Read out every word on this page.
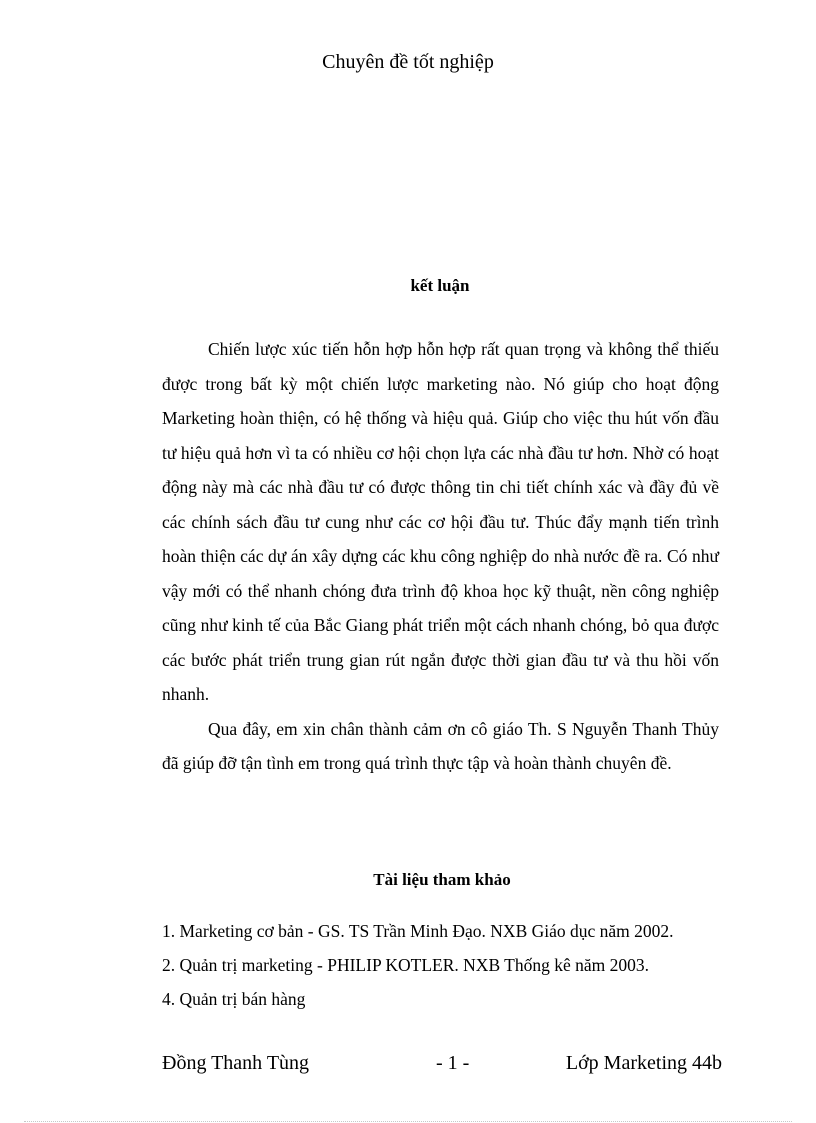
Chuyên đề tốt nghiệp
kết luận

Chiến lược xúc tiến hỗn hợp hỗn hợp rất quan trọng và không thể thiếu được trong bất kỳ một chiến lược marketing nào. Nó giúp cho hoạt động Marketing hoàn thiện, có hệ thống và hiệu quả. Giúp cho việc thu hút vốn đầu tư hiệu quả hơn vì ta có nhiều cơ hội chọn lựa các nhà đầu tư hơn. Nhờ có hoạt động này mà các nhà đầu tư có được thông tin chi tiết chính xác và đầy đủ về các chính sách đầu tư cung như các cơ hội đầu tư. Thúc đẩy mạnh tiến trình hoàn thiện các dự án xây dựng các khu công nghiệp do nhà nước đề ra. Có như vậy mới có thể nhanh chóng đưa trình độ khoa học kỹ thuật, nền công nghiệp cũng như kinh tế của Bắc Giang phát triển một cách nhanh chóng, bỏ qua được các bước phát triển trung gian rút ngắn được thời gian đầu tư và thu hồi vốn nhanh.

Qua đây, em xin chân thành cảm ơn cô giáo Th. S Nguyễn Thanh Thủy đã giúp đỡ tận tình em trong quá trình thực tập và hoàn thành chuyên đề.

Tài liệu tham khảo
1. Marketing cơ bản - GS. TS Trần Minh Đạo. NXB Giáo dục năm 2002.
2. Quản trị marketing - PHILIP KOTLER. NXB Thống kê năm 2003.
4. Quản trị bán hàng
Đồng Thanh Tùng	- 1 -	Lớp Marketing 44b
